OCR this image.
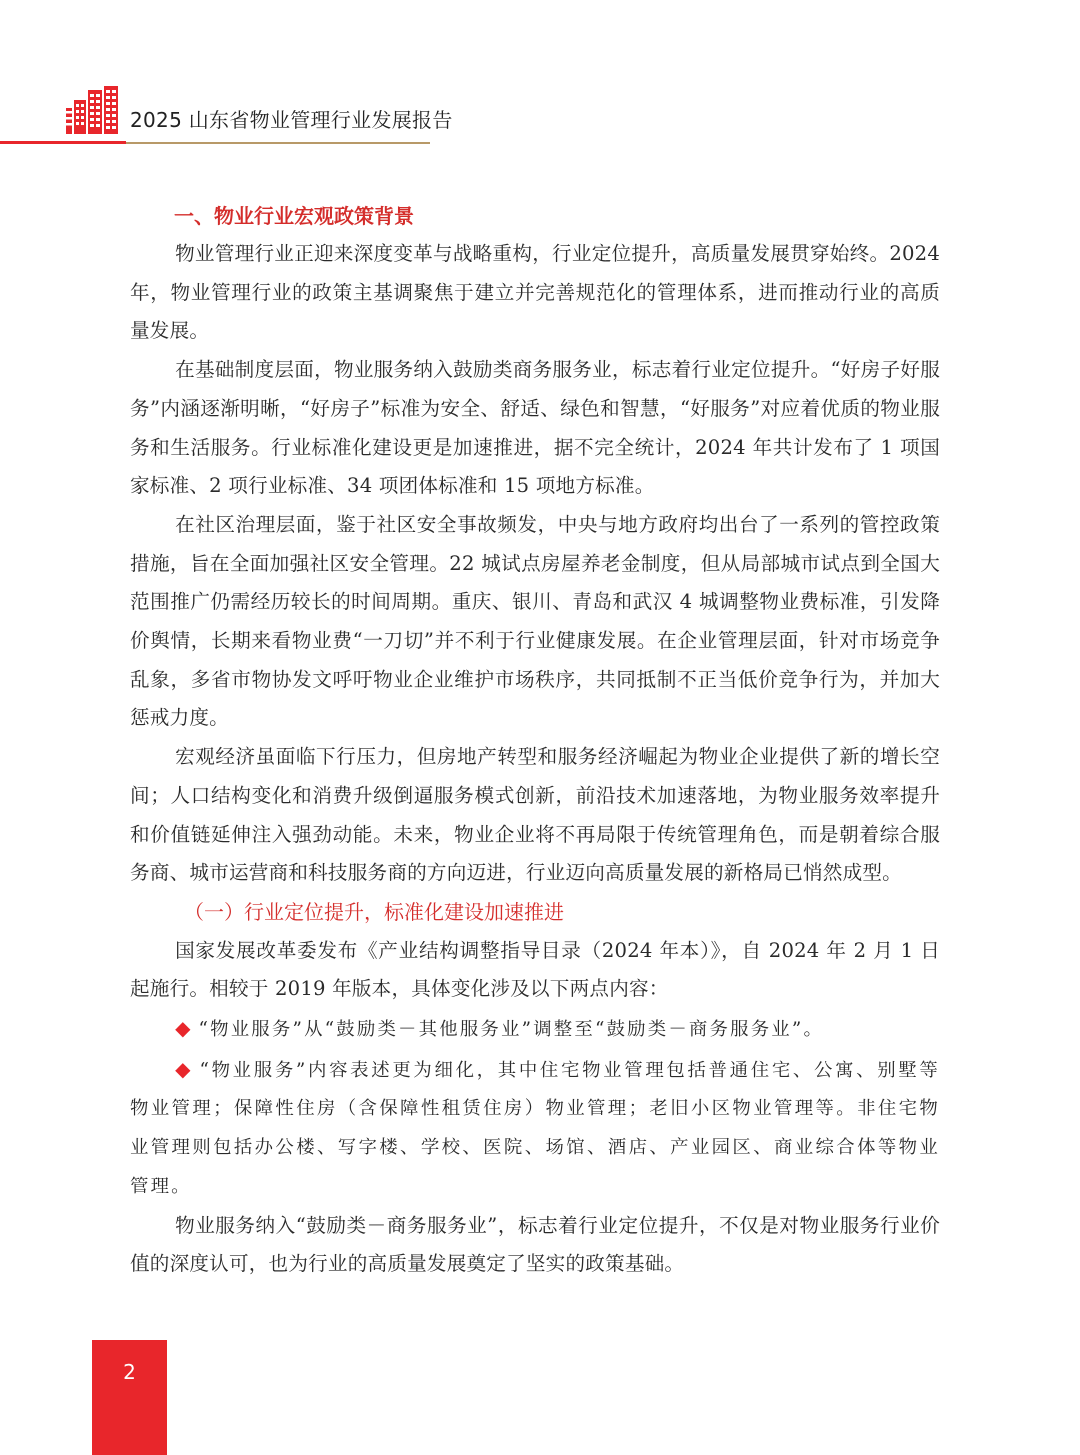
2025 山东省物业管理行业发展报告
一、物业行业宏观政策背景

物业管理行业正迎来深度变革与战略重构，行业定位提升，高质量发展贯穿始终。2024 年，物业管理行业的政策主基调聚焦于建立并完善规范化的管理体系，进而推动行业的高质量发展。

在基础制度层面，物业服务纳入鼓励类商务服务业，标志着行业定位提升。“好房子好服务”内涵逐渐明晰，“好房子”标准为安全、舒适、绿色和智慧，“好服务”对应着优质的物业服务和生活服务。行业标准化建设更是加速推进，据不完全统计，2024 年共计发布了 1 项国家标准、2 项行业标准、34 项团体标准和 15 项地方标准。

在社区治理层面，鉴于社区安全事故频发，中央与地方政府均出台了一系列的管控政策措施，旨在全面加强社区安全管理。22 城试点房屋养老金制度，但从局部城市试点到全国大范围推广仍需经历较长的时间周期。重庆、银川、青岛和武汉 4 城调整物业费标准，引发降价舆情，长期来看物业费“一刀切”并不利于行业健康发展。在企业管理层面，针对市场竞争乱象，多省市物协发文呼吁物业企业维护市场秩序，共同抵制不正当低价竞争行为，并加大惩戒力度。

宏观经济虽面临下行压力，但房地产转型和服务经济崛起为物业企业提供了新的增长空间；人口结构变化和消费升级倒逼服务模式创新，前沿技术加速落地，为物业服务效率提升和价值链延伸注入强劲动能。未来，物业企业将不再局限于传统管理角色，而是朝着综合服务商、城市运营商和科技服务商的方向迈进，行业迈向高质量发展的新格局已悄然成型。

（一）行业定位提升，标准化建设加速推进

国家发展改革委发布《产业结构调整指导目录（2024 年本）》，自 2024 年 2 月 1 日起施行。相较于 2019 年版本，具体变化涉及以下两点内容：

◆ “物业服务”从“鼓励类－其他服务业”调整至“鼓励类－商务服务业”。
◆ “物业服务”内容表述更为细化，其中住宅物业管理包括普通住宅、公寓、别墅等物业管理；保障性住房（含保障性租赁住房）物业管理；老旧小区物业管理等。非住宅物业管理则包括办公楼、写字楼、学校、医院、场馆、酒店、产业园区、商业综合体等物业管理。

物业服务纳入“鼓励类－商务服务业”，标志着行业定位提升，不仅是对物业服务行业价值的深度认可，也为行业的高质量发展奠定了坚实的政策基础。

2
